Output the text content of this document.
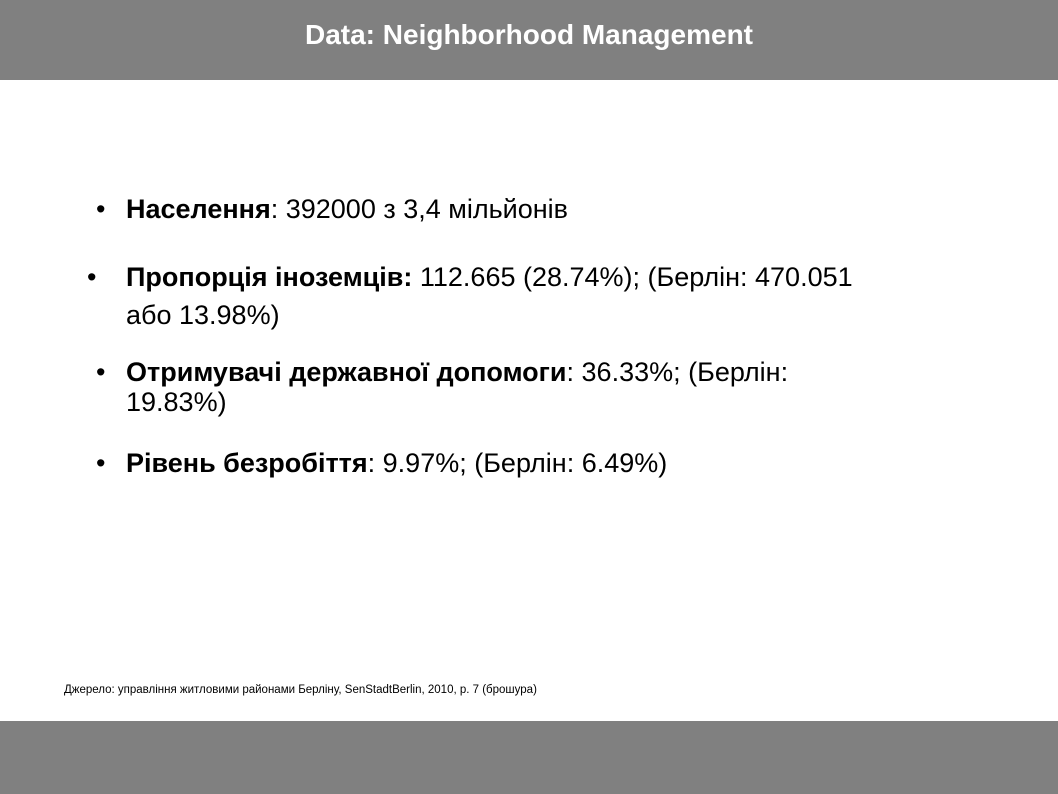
Data: Neighborhood Management
• Населення: 392000 з 3,4 мільйонів
• Пропорція іноземців: 112.665 (28.74%); (Берлін: 470.051
або 13.98%)
• Отримувачі державної допомоги: 36.33%; (Берлін:
19.83%)
• Рівень безробіття: 9.97%; (Берлін: 6.49%)
Джерело: управління житловими районами Берліну, SenStadtBerlin, 2010, p. 7 (брошура)
